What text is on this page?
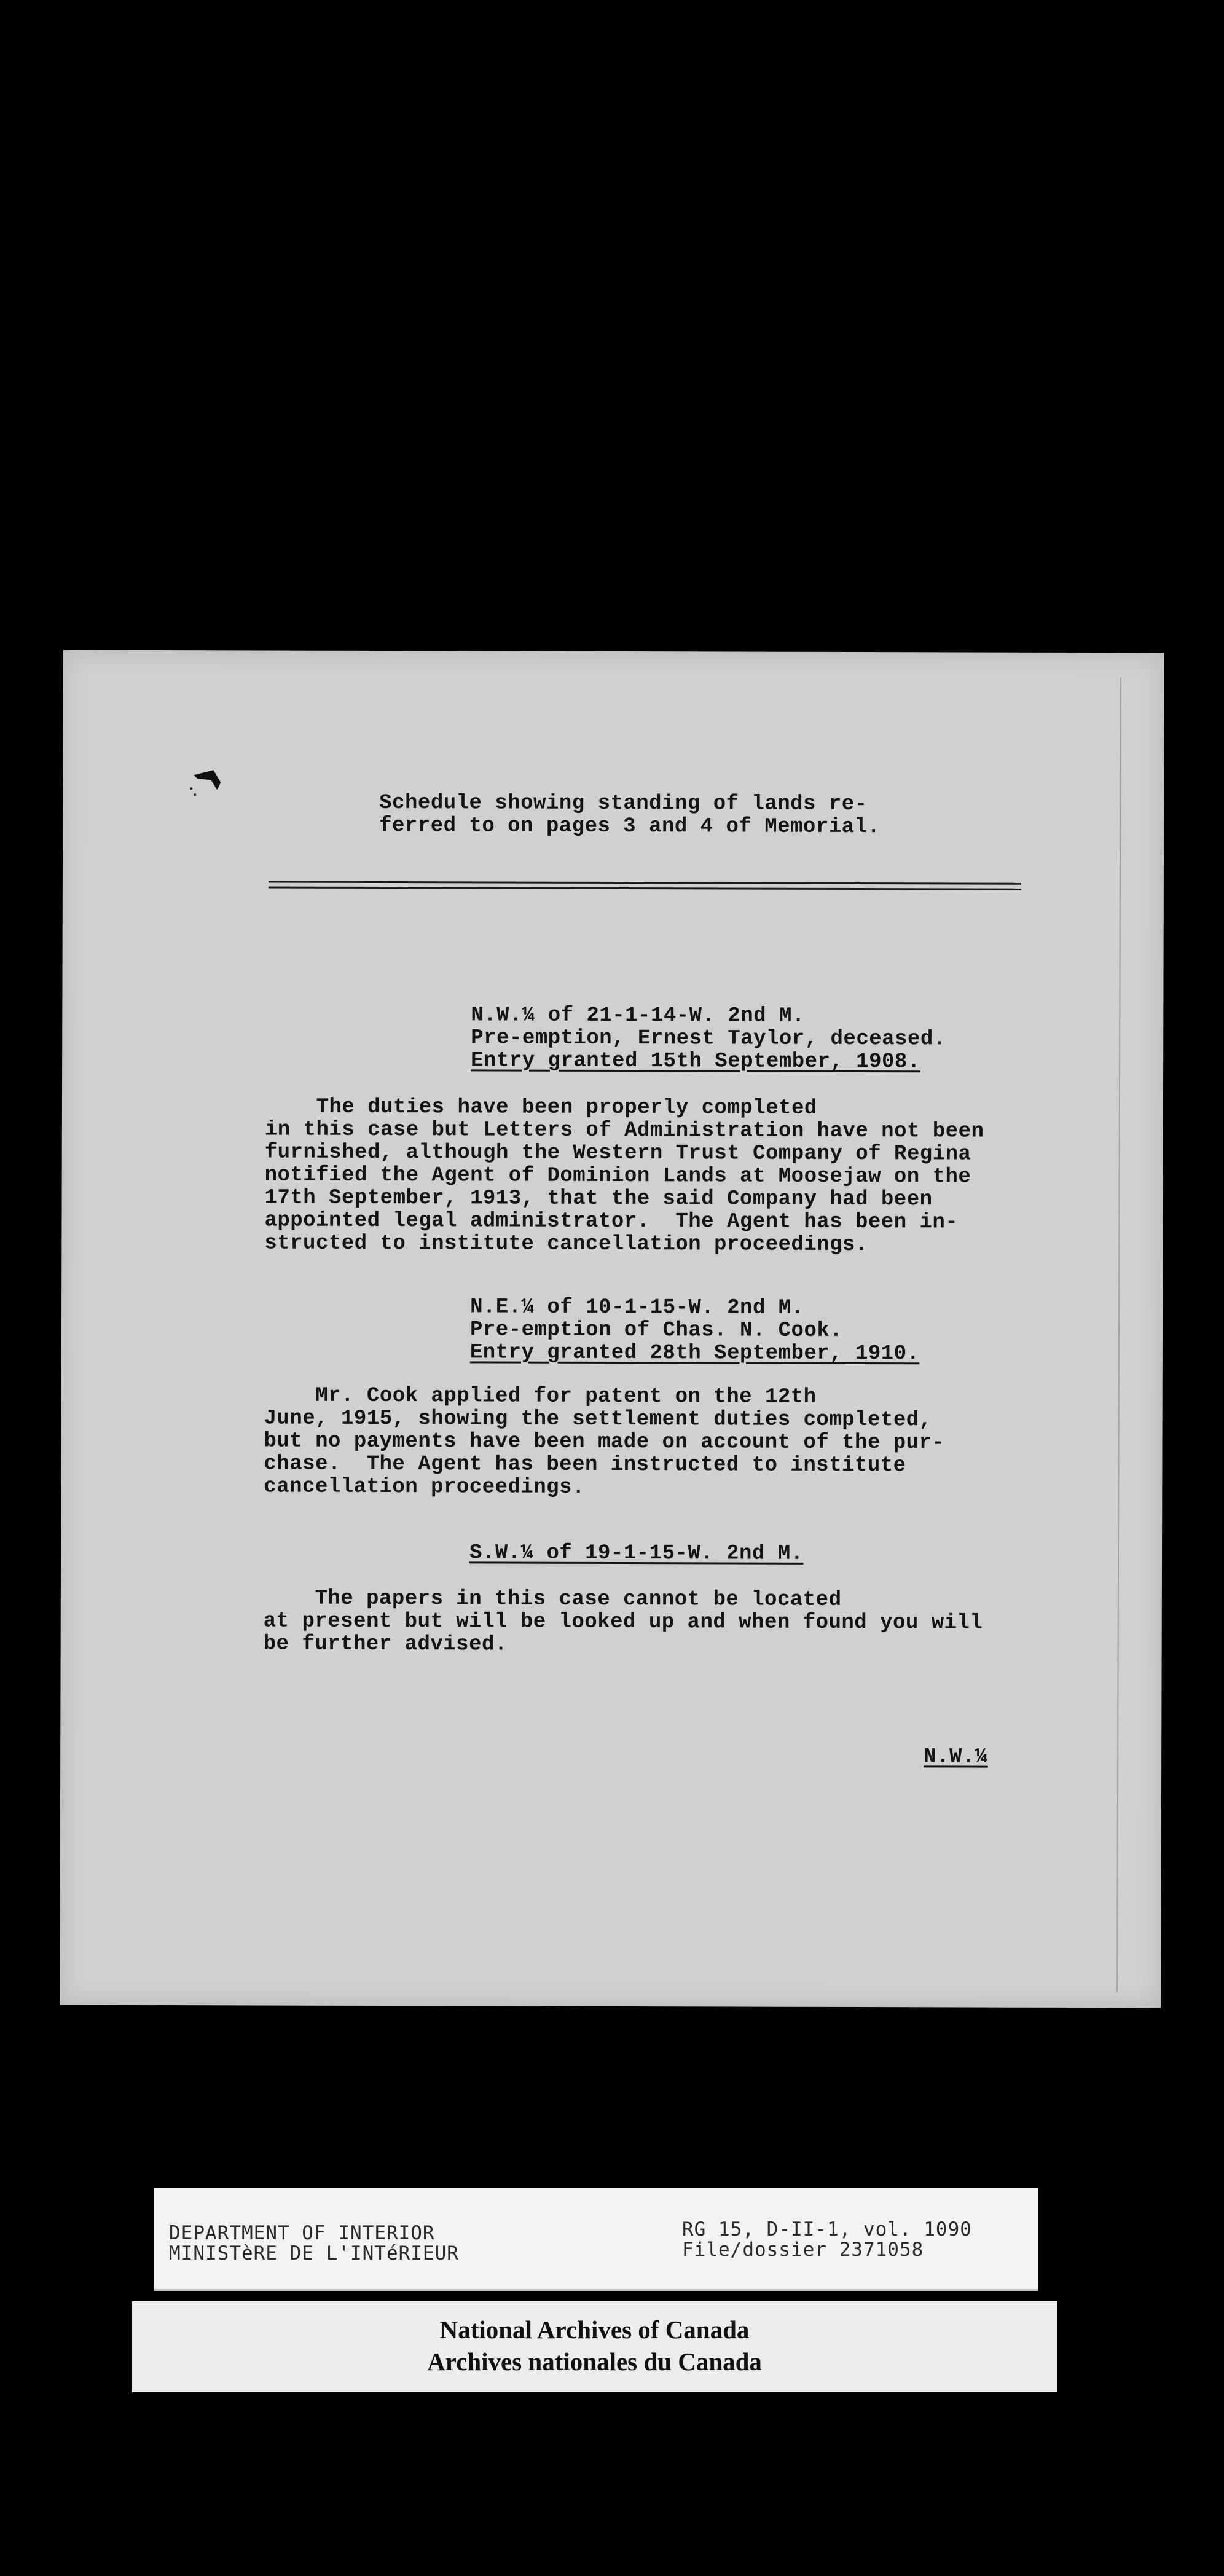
Schedule showing standing of lands re-
ferred to on pages 3 and 4 of Memorial.
N.W.¼ of 21-1-14-W. 2nd M.
Pre-emption, Ernest Taylor, deceased.
Entry granted 15th September, 1908.
The duties have been properly completed
in this case but Letters of Administration have not been
furnished, although the Western Trust Company of Regina
notified the Agent of Dominion Lands at Moosejaw on the
17th September, 1913, that the said Company had been
appointed legal administrator.  The Agent has been in-
structed to institute cancellation proceedings.
N.E.¼ of 10-1-15-W. 2nd M.
Pre-emption of Chas. N. Cook.
Entry granted 28th September, 1910.
Mr. Cook applied for patent on the 12th
June, 1915, showing the settlement duties completed,
but no payments have been made on account of the pur-
chase.  The Agent has been instructed to institute
cancellation proceedings.
S.W.¼ of 19-1-15-W. 2nd M.
The papers in this case cannot be located
at present but will be looked up and when found you will
be further advised.
N.W.¼
DEPARTMENT OF INTERIOR
MINISTèRE DE L'INTéRIEUR
RG 15, D-II-1, vol. 1090
File/dossier 2371058
National Archives of Canada
Archives nationales du Canada
